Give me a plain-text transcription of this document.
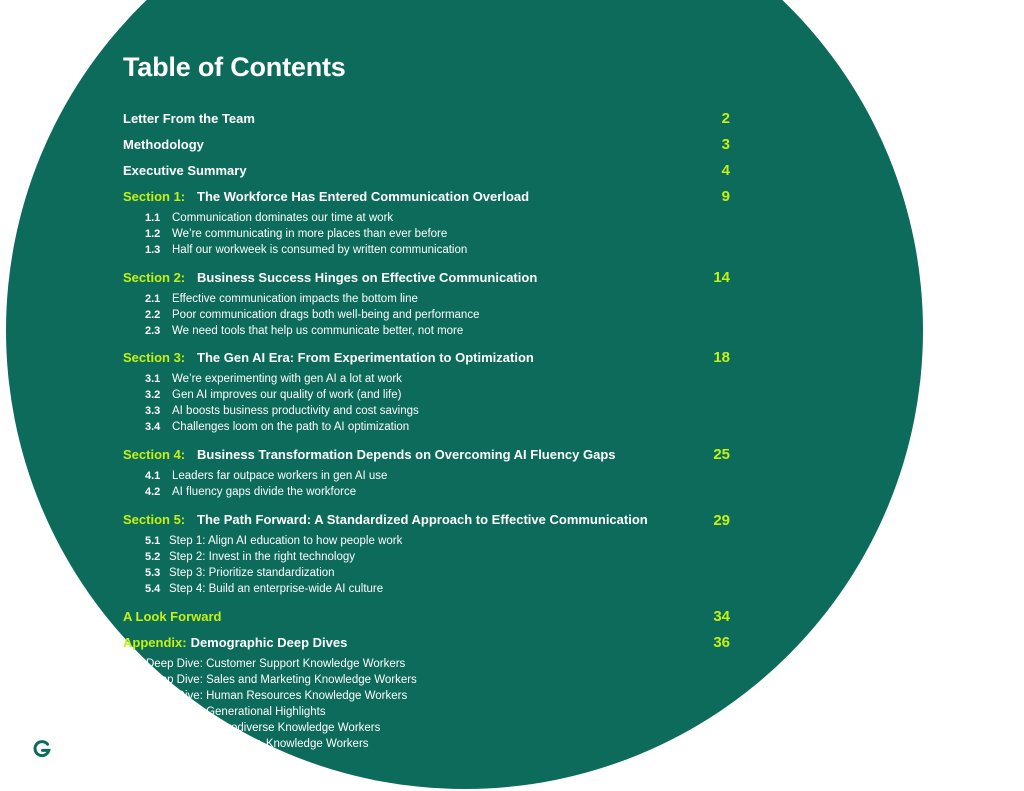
Table of Contents
Letter From the Team	2
Methodology	3
Executive Summary	4
Section 1: The Workforce Has Entered Communication Overload	9
1.1 Communication dominates our time at work
1.2 We’re communicating in more places than ever before
1.3 Half our workweek is consumed by written communication
Section 2: Business Success Hinges on Effective Communication	14
2.1 Effective communication impacts the bottom line
2.2 Poor communication drags both well-being and performance
2.3 We need tools that help us communicate better, not more
Section 3: The Gen AI Era: From Experimentation to Optimization	18
3.1 We’re experimenting with gen AI a lot at work
3.2 Gen AI improves our quality of work (and life)
3.3 AI boosts business productivity and cost savings
3.4 Challenges loom on the path to AI optimization
Section 4: Business Transformation Depends on Overcoming AI Fluency Gaps	25
4.1 Leaders far outpace workers in gen AI use
4.2 AI fluency gaps divide the workforce
Section 5: The Path Forward: A Standardized Approach to Effective Communication	29
5.1 Step 1: Align AI education to how people work
5.2 Step 2: Invest in the right technology
5.3 Step 3: Prioritize standardization
5.4 Step 4: Build an enterprise-wide AI culture
A Look Forward	34
Appendix: Demographic Deep Dives	36
Deep Dive: Customer Support Knowledge Workers
Deep Dive: Sales and Marketing Knowledge Workers
Deep Dive: Human Resources Knowledge Workers
Deep Dive: Generational Highlights
Deep Dive: Neurodiverse Knowledge Workers
Deep Dive: LGBTQIA+ Knowledge Workers
